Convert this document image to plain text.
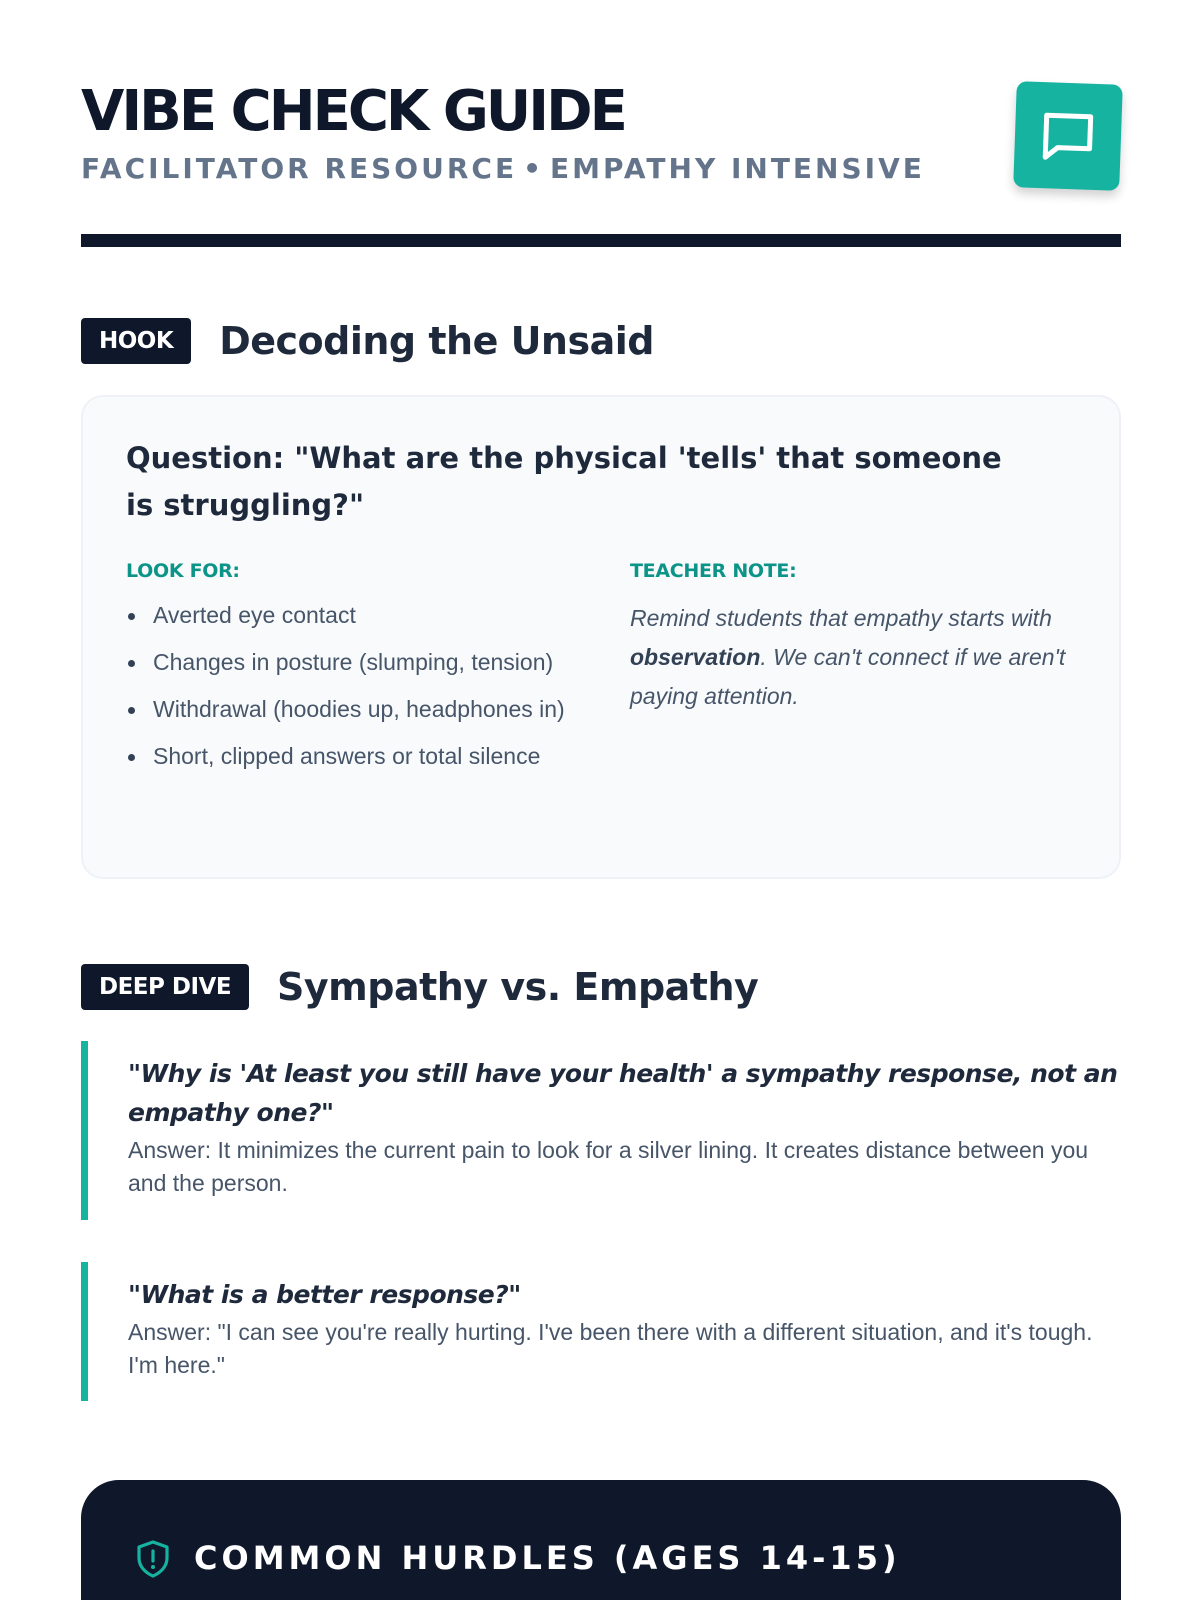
VIBE CHECK GUIDE
FACILITATOR RESOURCE • EMPATHY INTENSIVE
HOOK	Decoding the Unsaid
Question: "What are the physical 'tells' that someone is struggling?"
LOOK FOR:
Averted eye contact
Changes in posture (slumping, tension)
Withdrawal (hoodies up, headphones in)
Short, clipped answers or total silence
TEACHER NOTE:
Remind students that empathy starts with observation. We can't connect if we aren't paying attention.
DEEP DIVE	Sympathy vs. Empathy
"Why is 'At least you still have your health' a sympathy response, not an empathy one?"
Answer: It minimizes the current pain to look for a silver lining. It creates distance between you and the person.
"What is a better response?"
Answer: "I can see you're really hurting. I've been there with a different situation, and it's tough. I'm here."
COMMON HURDLES (AGES 14-15)
